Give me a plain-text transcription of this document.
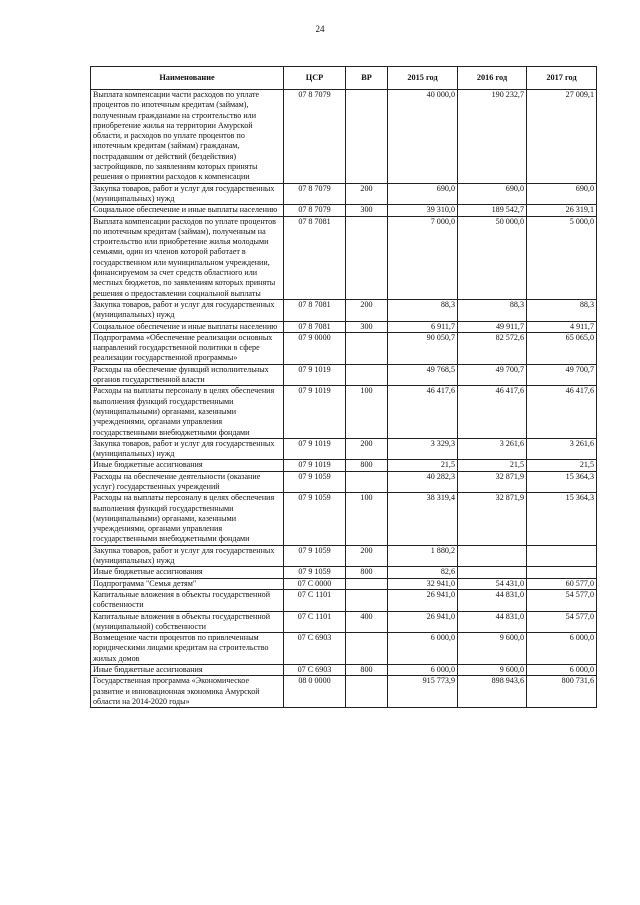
24
Наименование	ЦСР	ВР	2015 год	2016 год	2017 год
Выплата компенсации части расходов по уплате процентов по ипотечным кредитам (займам), полученным гражданами на строительство или приобретение жилья на территории Амурской области, и расходов по уплате процентов по ипотечным кредитам (займам) гражданам, пострадавшим от действий (бездействия) застройщиков, по заявлениям которых приняты решения о принятии расходов к компенсации	07 8 7079		40 000,0	190 232,7	27 009,1
Закупка товаров, работ и услуг для государственных (муниципальных) нужд	07 8 7079	200	690,0	690,0	690,0
Социальное обеспечение и иные выплаты населению	07 8 7079	300	39 310,0	189 542,7	26 319,1
Выплата компенсации расходов по уплате процентов по ипотечным кредитам (займам), полученным на строительство или приобретение жилья молодыми семьями, один из членов которой работает в государственном или муниципальном учреждении, финансируемом за счет средств областного или местных бюджетов, по заявлениям которых приняты решения о предоставлении социальной выплаты	07 8 7081		7 000,0	50 000,0	5 000,0
Закупка товаров, работ и услуг для государственных (муниципальных) нужд	07 8 7081	200	88,3	88,3	88,3
Социальное обеспечение и иные выплаты населению	07 8 7081	300	6 911,7	49 911,7	4 911,7
Подпрограмма «Обеспечение реализации основных направлений государственной политики в сфере реализации государственной программы»	07 9 0000		90 050,7	82 572,6	65 065,0
Расходы на обеспечение функций исполнительных органов государственной власти	07 9 1019		49 768,5	49 700,7	49 700,7
Расходы на выплаты персоналу в целях обеспечения выполнения функций государственными (муниципальными) органами, казенными учреждениями, органами управления государственными внебюджетными фондами	07 9 1019	100	46 417,6	46 417,6	46 417,6
Закупка товаров, работ и услуг для государственных (муниципальных) нужд	07 9 1019	200	3 329,3	3 261,6	3 261,6
Иные бюджетные ассигнования	07 9 1019	800	21,5	21,5	21,5
Расходы на обеспечение деятельности (оказание услуг) государственных учреждений	07 9 1059		40 282,3	32 871,9	15 364,3
Расходы на выплаты персоналу в целях обеспечения выполнения функций государственными (муниципальными) органами, казенными учреждениями, органами управления государственными внебюджетными фондами	07 9 1059	100	38 319,4	32 871,9	15 364,3
Закупка товаров, работ и услуг для государственных (муниципальных) нужд	07 9 1059	200	1 880,2		
Иные бюджетные ассигнования	07 9 1059	800	82,6		
Подпрограмма "Семья детям"	07 C 0000		32 941,0	54 431,0	60 577,0
Капитальные вложения в объекты государственной собственности	07 C 1101		26 941,0	44 831,0	54 577,0
Капитальные вложения в объекты государственной (муниципальной) собственности	07 C 1101	400	26 941,0	44 831,0	54 577,0
Возмещение части процентов по привлеченным юридическими лицами кредитам на строительство жилых домов	07 C 6903		6 000,0	9 600,0	6 000,0
Иные бюджетные ассигнования	07 C 6903	800	6 000,0	9 600,0	6 000,0
Государственная программа «Экономическое развитие и инновационная экономика Амурской области на 2014-2020 годы»	08 0 0000		915 773,9	898 943,6	800 731,6
